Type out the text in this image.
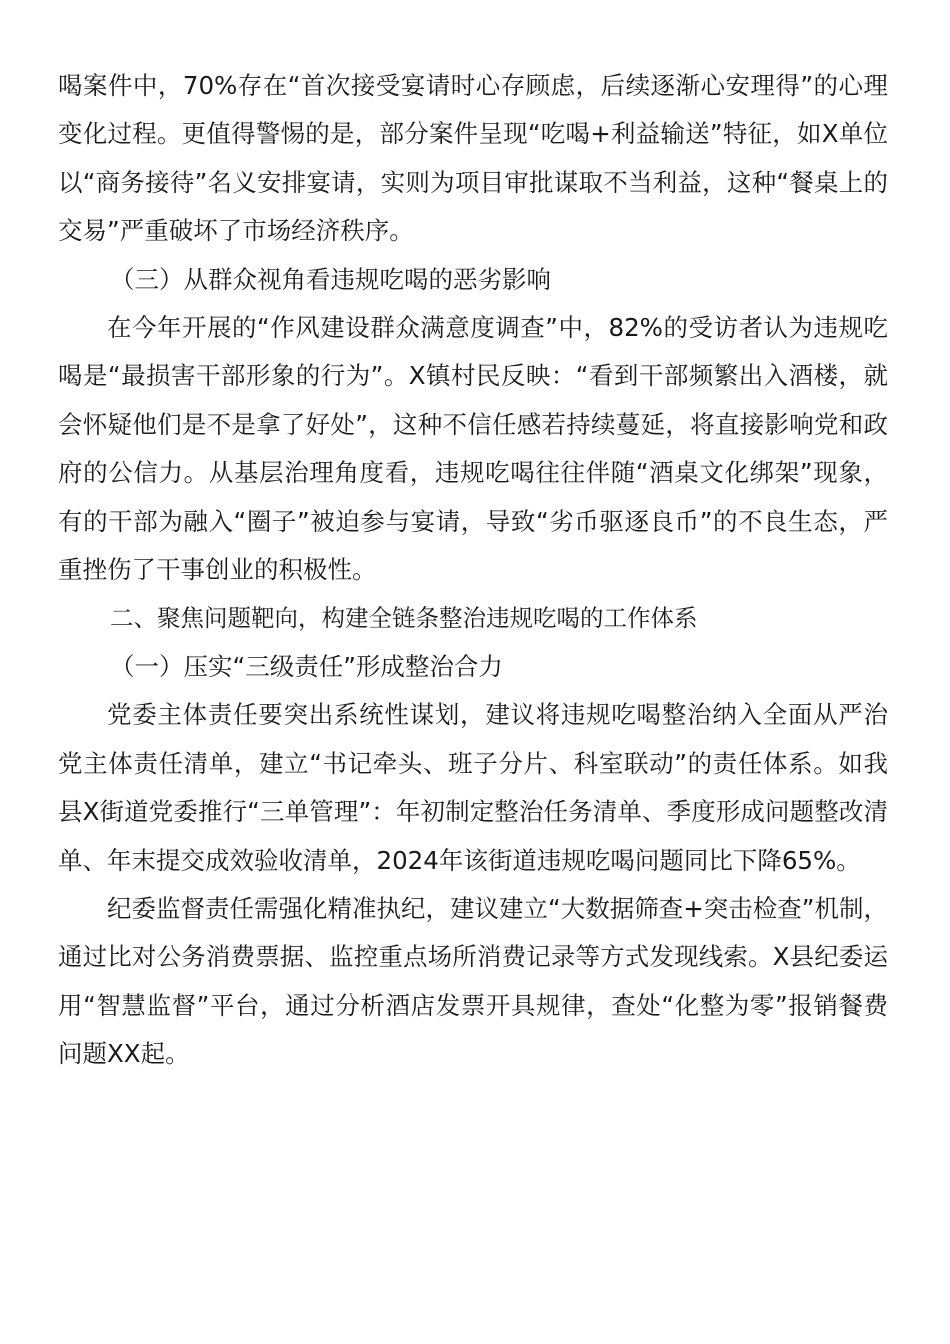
喝案件中，70%存在“首次接受宴请时心存顾虑，后续逐渐心安理得”的心理变化过程。更值得警惕的是，部分案件呈现“吃喝+利益输送”特征，如X单位以“商务接待”名义安排宴请，实则为项目审批谋取不当利益，这种“餐桌上的交易”严重破坏了市场经济秩序。

（三）从群众视角看违规吃喝的恶劣影响

在今年开展的“作风建设群众满意度调查”中，82%的受访者认为违规吃喝是“最损害干部形象的行为”。X镇村民反映：“看到干部频繁出入酒楼，就会怀疑他们是不是拿了好处”，这种不信任感若持续蔓延，将直接影响党和政府的公信力。从基层治理角度看，违规吃喝往往伴随“酒桌文化绑架”现象，有的干部为融入“圈子”被迫参与宴请，导致“劣币驱逐良币”的不良生态，严重挫伤了干事创业的积极性。

二、聚焦问题靶向，构建全链条整治违规吃喝的工作体系

（一）压实“三级责任”形成整治合力

党委主体责任要突出系统性谋划，建议将违规吃喝整治纳入全面从严治党主体责任清单，建立“书记牵头、班子分片、科室联动”的责任体系。如我县X街道党委推行“三单管理”：年初制定整治任务清单、季度形成问题整改清单、年末提交成效验收清单，2024年该街道违规吃喝问题同比下降65%。

纪委监督责任需强化精准执纪，建议建立“大数据筛查+突击检查”机制，通过比对公务消费票据、监控重点场所消费记录等方式发现线索。X县纪委运用“智慧监督”平台，通过分析酒店发票开具规律，查处“化整为零”报销餐费问题XX起。
